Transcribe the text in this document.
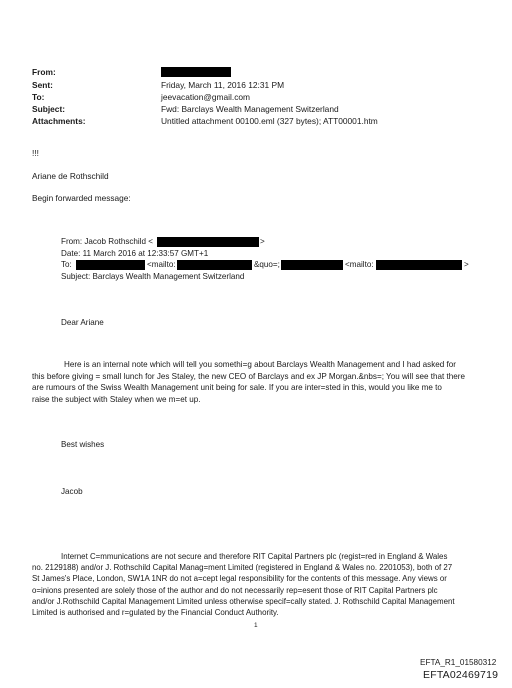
From:
Sent:	Friday, March 11, 2016 12:31 PM
To:	jeevacation@gmail.com
Subject:	Fwd: Barclays Wealth Management Switzerland
Attachments:	Untitled attachment 00100.eml (327 bytes); ATT00001.htm
!!!
Ariane de Rothschild
Begin forwarded message:
From: Jacob Rothschild <	>
Date: 11 March 2016 at 12:33:57 GMT+1
To:	<mailto:	&quo=;	<mailto:	>
Subject: Barclays Wealth Management Switzerland
Dear Ariane
Here is an internal note which will tell you somethi=g about Barclays Wealth Management and I had asked for
this before giving = small lunch for Jes Staley, the new CEO of Barclays and ex JP Morgan.&nbs=; You will see that there
are rumours of the Swiss Wealth Management unit being for sale. If you are inter=sted in this, would you like me to
raise the subject with Staley when we m=et up.
Best wishes
Jacob
Internet C=mmunications are not secure and therefore RIT Capital Partners plc (regist=red in England & Wales
no. 2129188) and/or J. Rothschild Capital Manag=ment Limited (registered in England & Wales no. 2201053), both of 27
St James's Place, London, SW1A 1NR do not a=cept legal responsibility for the contents of this message. Any views or
o=inions presented are solely those of the author and do not necessarily rep=esent those of RIT Capital Partners plc
and/or J.Rothschild Capital Management Limited unless otherwise specif=cally stated. J. Rothschild Capital Management
Limited is authorised and r=gulated by the Financial Conduct Authority.
1
EFTA_R1_01580312
EFTA02469719
